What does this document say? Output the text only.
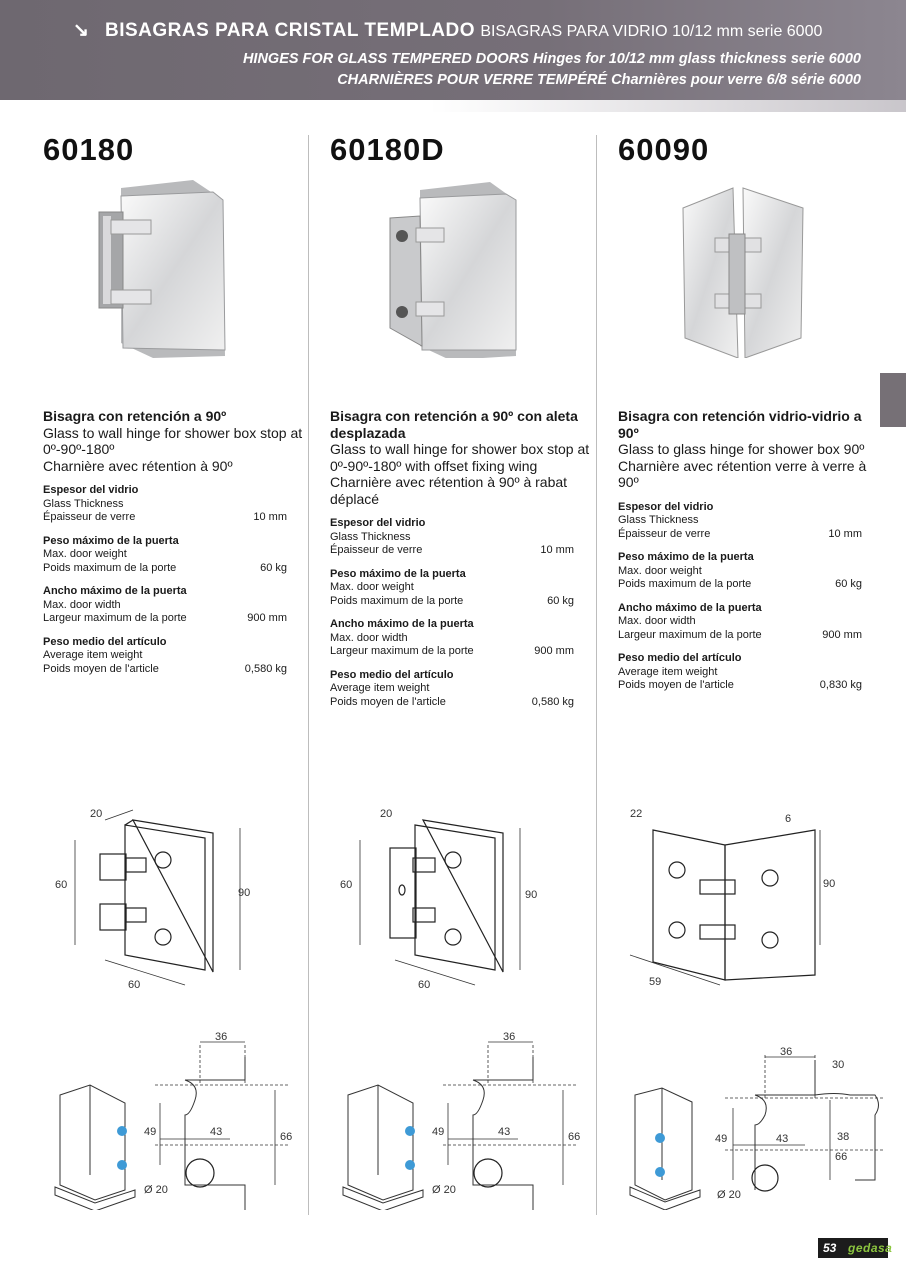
↘ BISAGRAS PARA CRISTAL TEMPLADO BISAGRAS PARA VIDRIO 10/12 mm serie 6000
HINGES FOR GLASS TEMPERED DOORS Hinges for 10/12 mm glass thickness serie 6000
CHARNIÈRES POUR VERRE TEMPÉRÉ Charnières pour verre 6/8 série 6000
60180
Bisagra con retención a 90º
Glass to wall hinge for shower box stop at 0º-90º-180º
Charnière avec rétention à 90º
Espesor del vidrio
Glass Thickness
Épaisseur de verre	10 mm
Peso máximo de la puerta
Max. door weight
Poids maximum de la porte	60 kg
Ancho máximo de la puerta
Max. door width
Largeur maximum de la porte	900 mm
Peso medio del artículo
Average item weight
Poids moyen de l'article	0,580 kg
60180D
Bisagra con retención a 90º con aleta desplazada
Glass to wall hinge for shower box stop at 0º-90º-180º with offset fixing wing
Charnière avec rétention à 90º à rabat déplacé
Espesor del vidrio
Glass Thickness
Épaisseur de verre	10 mm
Peso máximo de la puerta
Max. door weight
Poids maximum de la porte	60 kg
Ancho máximo de la puerta
Max. door width
Largeur maximum de la porte	900 mm
Peso medio del artículo
Average item weight
Poids moyen de l'article	0,580 kg
60090
Bisagra con retención vidrio-vidrio a 90º
Glass to glass hinge for shower box 90º
Charnière avec rétention verre à verre à 90º
Espesor del vidrio
Glass Thickness
Épaisseur de verre	10 mm
Peso máximo de la puerta
Max. door weight
Poids maximum de la porte	60 kg
Ancho máximo de la puerta
Max. door width
Largeur maximum de la porte	900 mm
Peso medio del artículo
Average item weight
Poids moyen de l'article	0,830 kg
20
60
90
60
20
60
90
60
22	6
90
59
36
49	43	66
Ø 20
36
49	43	66
Ø 20
36
30
49	43	38
66
Ø 20
53 gedasa
